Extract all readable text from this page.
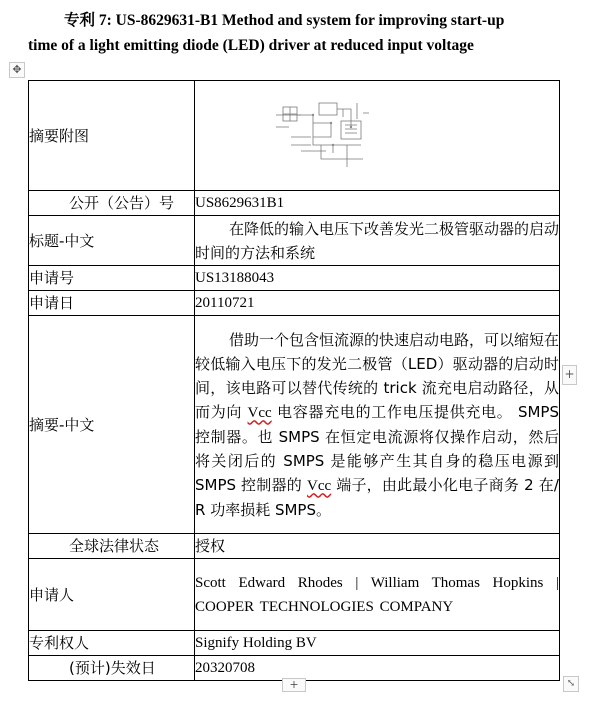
专利 7: US-8629631-B1 Method and system for improving start-up
time of a light emitting diode (LED) driver at reduced input voltage
✥
摘要附图	

公开（公告）号	US8629631B1
标题-中文	在降低的输入电压下改善发光二极管驱动器的启动时间的方法和系统
申请号	US13188043
申请日	20110721
摘要-中文	借助一个包含恒流源的快速启动电路，可以缩短在较低输入电压下的发光二极管（LED）驱动器的启动时间，该电路可以替代传统的 trick 流充电启动路径，从而为向 Vcc 电容器充电的工作电压提供充电。 SMPS 控制器。也 SMPS 在恒定电流源将仅操作启动，然后将关闭后的 SMPS 是能够产生其自身的稳压电源到 SMPS 控制器的 Vcc 端子，由此最小化电子商务 2 在/ R 功率损耗 SMPS。
全球法律状态	授权
申请人	Scott Edward Rhodes | William Thomas Hopkins | COOPER TECHNOLOGIES COMPANY
专利权人	Signify Holding BV
(预计)失效日	20320708
+
+	⤡
